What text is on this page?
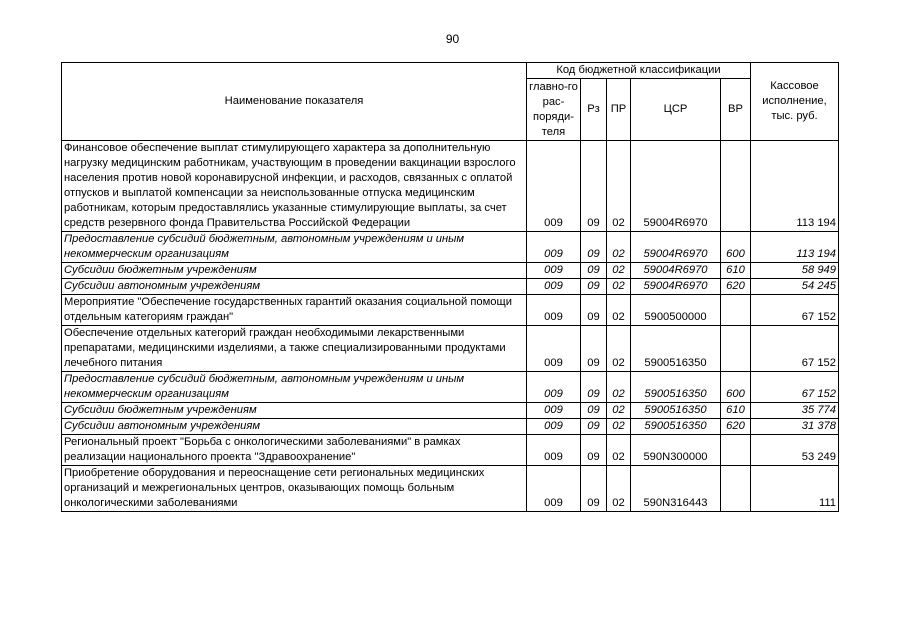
90
Наименование показателя	Код бюджетной классификации					Кассовое исполнение, тыс. руб.
	главно-го рас-поряди-теля	Рз	ПР	ЦСР	ВР	
Финансовое обеспечение выплат стимулирующего характера за дополнительную нагрузку медицинским работникам, участвующим в проведении вакцинации взрослого населения против новой коронавирусной инфекции, и расходов, связанных с оплатой отпусков и выплатой компенсации за неиспользованные отпуска медицинским работникам, которым предоставлялись указанные стимулирующие выплаты, за счет средств резервного фонда Правительства Российской Федерации	009	09	02	59004R6970		113 194
Предоставление субсидий бюджетным, автономным учреждениям и иным некоммерческим организациям	009	09	02	59004R6970	600	113 194
Субсидии бюджетным учреждениям	009	09	02	59004R6970	610	58 949
Субсидии автономным учреждениям	009	09	02	59004R6970	620	54 245
Мероприятие "Обеспечение государственных гарантий оказания социальной помощи отдельным категориям граждан"	009	09	02	5900500000		67 152
Обеспечение отдельных категорий граждан необходимыми лекарственными препаратами, медицинскими изделиями, а также специализированными продуктами лечебного питания	009	09	02	5900516350		67 152
Предоставление субсидий бюджетным, автономным учреждениям и иным некоммерческим организациям	009	09	02	5900516350	600	67 152
Субсидии бюджетным учреждениям	009	09	02	5900516350	610	35 774
Субсидии автономным учреждениям	009	09	02	5900516350	620	31 378
Региональный проект "Борьба с онкологическими заболеваниями" в рамках реализации национального проекта "Здравоохранение"	009	09	02	590N300000		53 249
Приобретение оборудования и переоснащение сети региональных медицинских организаций и межрегиональных центров, оказывающих помощь больным онкологическими заболеваниями	009	09	02	590N316443		111
